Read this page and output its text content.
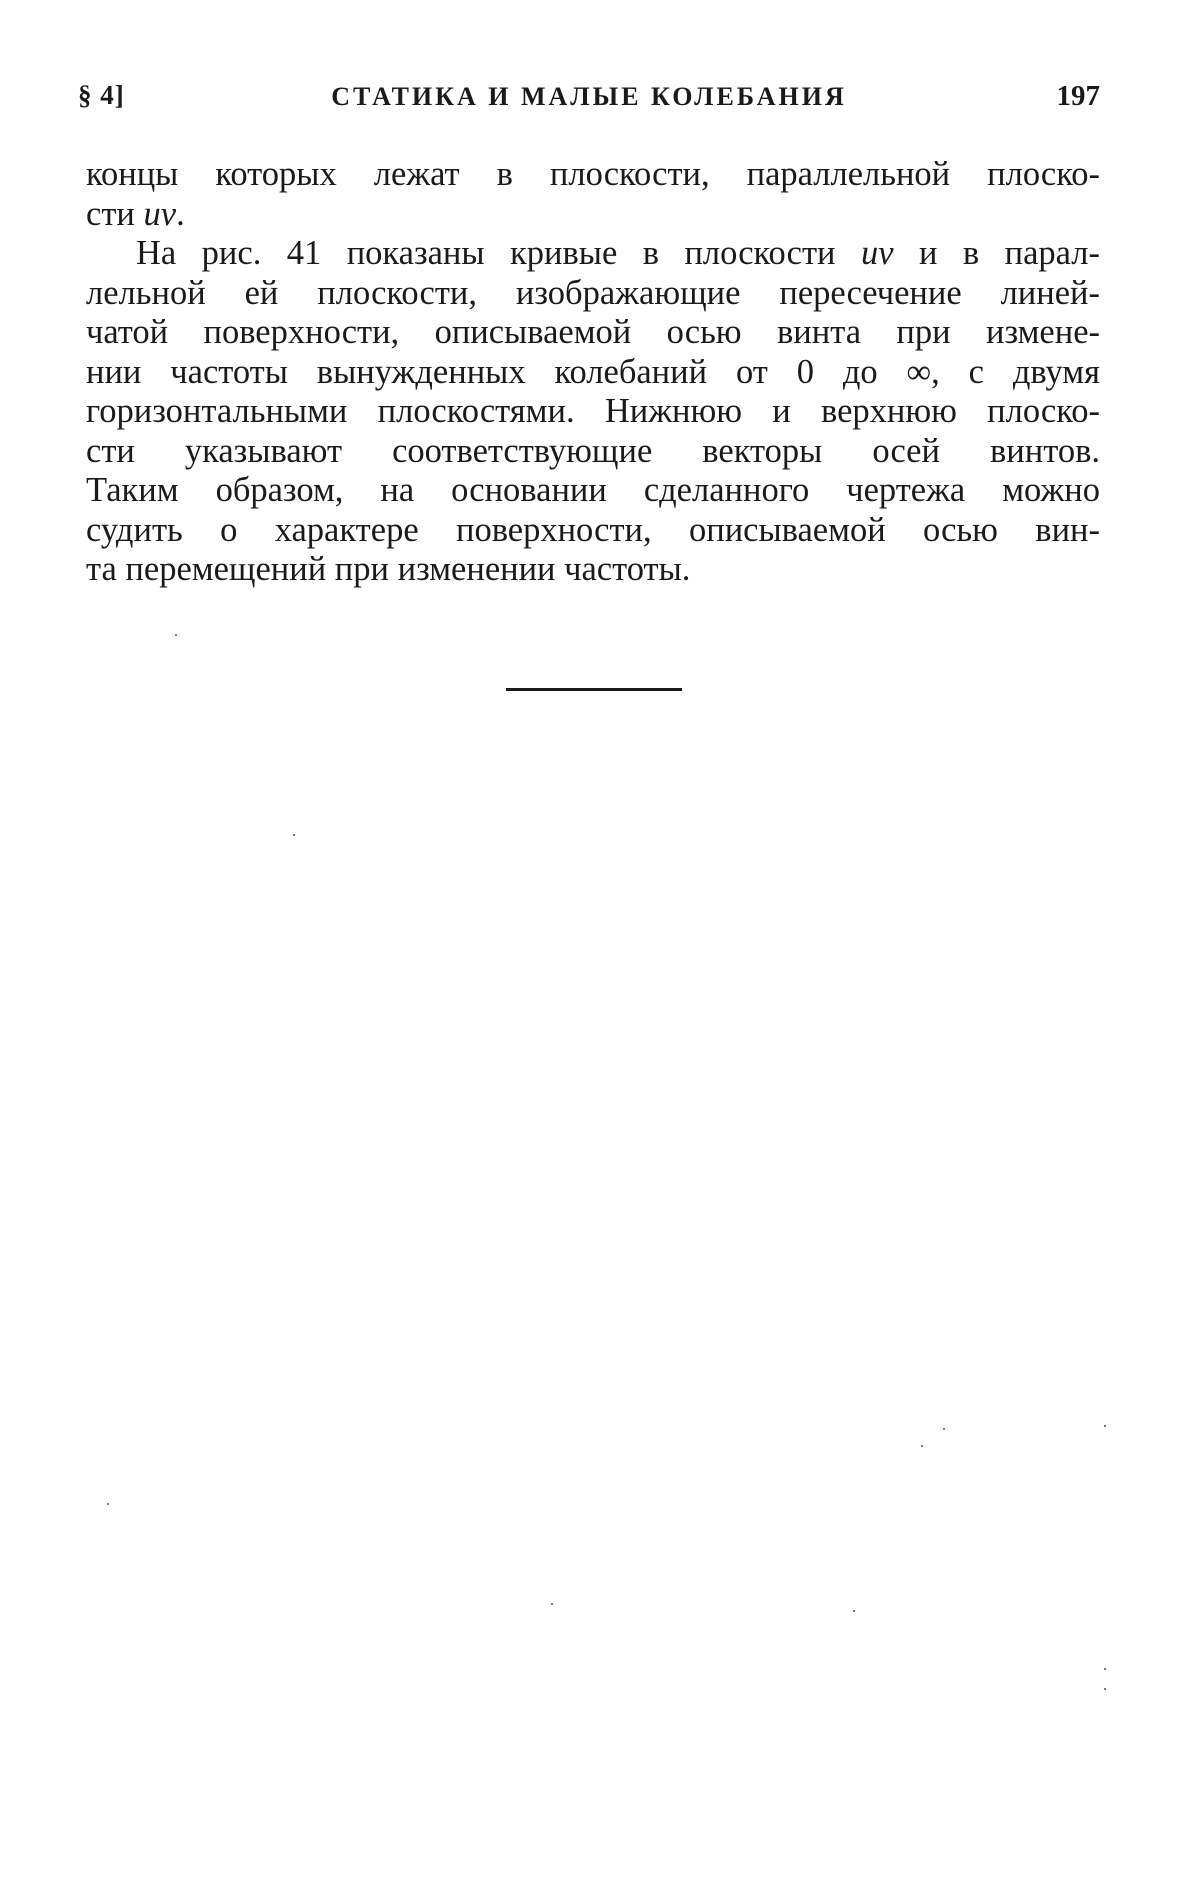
§ 4]	СТАТИКА И МАЛЫЕ КОЛЕБАНИЯ	197
концы которых лежат в плоскости, параллельной плоско-
сти uv.
На рис. 41 показаны кривые в плоскости uv и в парал-
лельной ей плоскости, изображающие пересечение линей-
чатой поверхности, описываемой осью винта при измене-
нии частоты вынужденных колебаний от 0 до ∞, с двумя
горизонтальными плоскостями. Нижнюю и верхнюю плоско-
сти указывают соответствующие векторы осей винтов.
Таким образом, на основании сделанного чертежа можно
судить о характере поверхности, описываемой осью вин-
та перемещений при изменении частоты.
